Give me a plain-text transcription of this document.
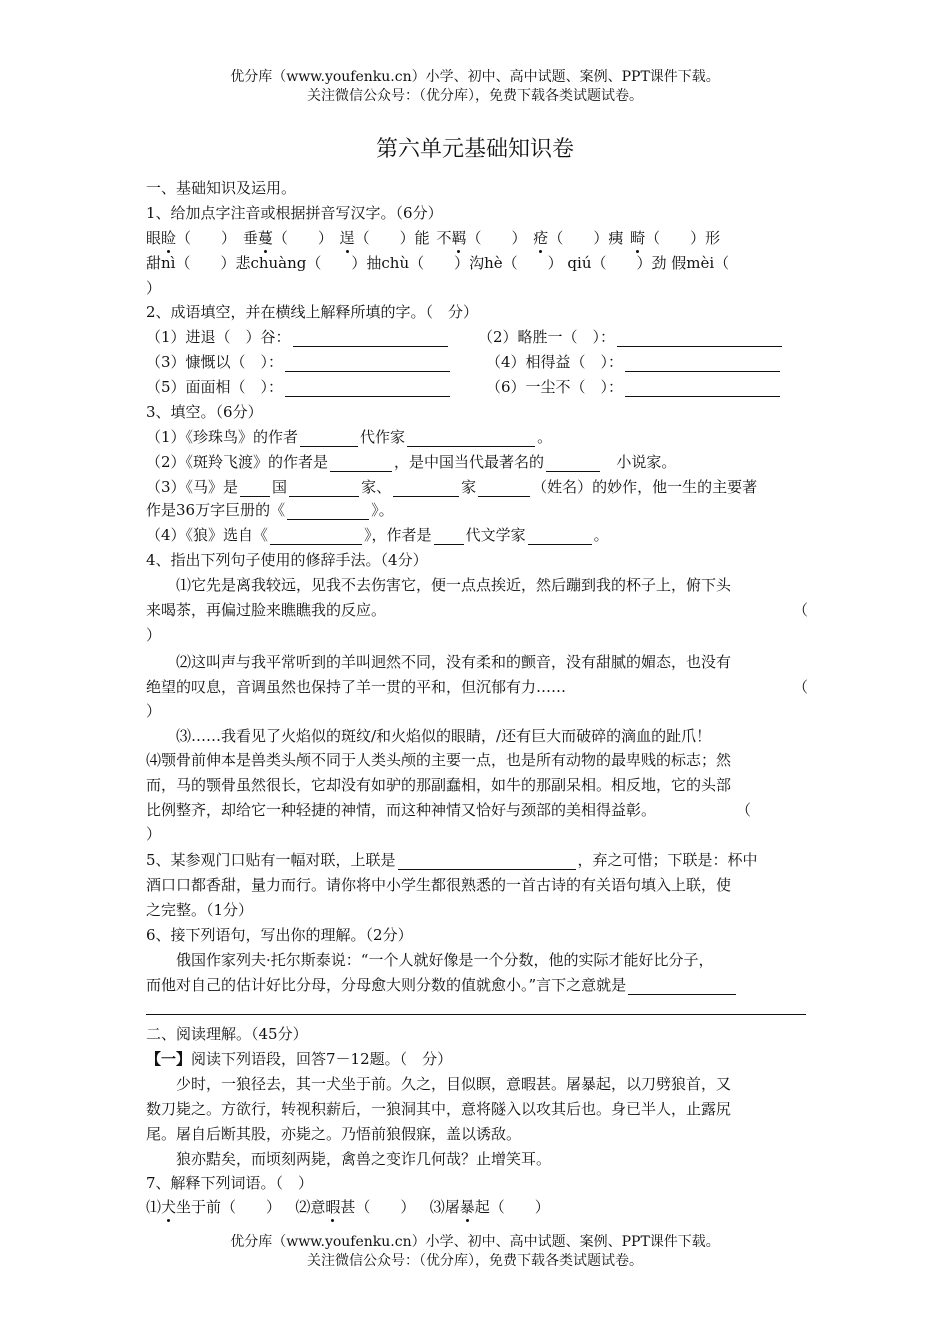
优分库（www.youfenku.cn）小学、初中、高中试题、案例、PPT课件下载。
关注微信公众号：（优分库），免费下载各类试题试卷。
第六单元基础知识卷
一、基础知识及运用。
1、给加点字注音或根据拼音写汉字。（6分）
眼睑（　　） 垂蔓（　　） 逞（　　）能 不羁（　　） 疮（　　）痍 畸（　　）形
甜nì（　　）悲chuàng（　　）抽chù（　　）沟hè（　　） qiú（　　）劲 假mèi（
）
2、成语填空，并在横线上解释所填的字。（　分）
（1）进退（　）谷：	（2）略胜一（　）：
（3）慷慨以（　）：	（4）相得益（　）：
（5）面面相（　）：	（6）一尘不（　）：
3、填空。（6分）
（1）《珍珠鸟》的作者	代作家	。
（2）《斑羚飞渡》的作者是	，是中国当代最著名的	小说家。
（3）《马》是 国	家、	家	（姓名）的妙作，他一生的主要著
作是36万字巨册的《	》。
（4）《狼》选自《	》，作者是 代文学家	。
4、指出下列句子使用的修辞手法。（4分）
⑴它先是离我较远，见我不去伤害它，便一点点挨近，然后蹦到我的杯子上，俯下头
来喝茶，再偏过脸来瞧瞧我的反应。	（
）
⑵这叫声与我平常听到的羊叫迥然不同，没有柔和的颤音，没有甜腻的媚态，也没有
绝望的叹息，音调虽然也保持了羊一贯的平和，但沉郁有力……	（
）
⑶……我看见了火焰似的斑纹/和火焰似的眼睛，/还有巨大而破碎的滴血的趾爪！
⑷颚骨前伸本是兽类头颅不同于人类头颅的主要一点，也是所有动物的最卑贱的标志；然
而，马的颚骨虽然很长，它却没有如驴的那副蠢相，如牛的那副呆相。相反地，它的头部
比例整齐，却给它一种轻捷的神情，而这种神情又恰好与颈部的美相得益彰。	（
）
5、某参观门口贴有一幅对联，上联是	，弃之可惜；下联是：杯中
酒口口都香甜，量力而行。请你将中小学生都很熟悉的一首古诗的有关语句填入上联，使
之完整。（1分）
6、接下列语句，写出你的理解。（2分）
俄国作家列夫·托尔斯泰说：“一个人就好像是一个分数，他的实际才能好比分子，
而他对自己的估计好比分母，分母愈大则分数的值就愈小。”言下之意就是
二、阅读理解。（45分）
【一】阅读下列语段，回答7－12题。（　分）
少时，一狼径去，其一犬坐于前。久之，目似瞑，意暇甚。屠暴起，以刀劈狼首，又
数刀毙之。方欲行，转视积薪后，一狼洞其中，意将隧入以攻其后也。身已半人，止露尻
尾。屠自后断其股，亦毙之。乃悟前狼假寐，盖以诱敌。
狼亦黠矣，而顷刻两毙，禽兽之变诈几何哉？止增笑耳。
7、解释下列词语。（　）
⑴犬坐于前（　　） ⑵意暇甚（　　） ⑶屠暴起（　　）
优分库（www.youfenku.cn）小学、初中、高中试题、案例、PPT课件下载。
关注微信公众号：（优分库），免费下载各类试题试卷。
